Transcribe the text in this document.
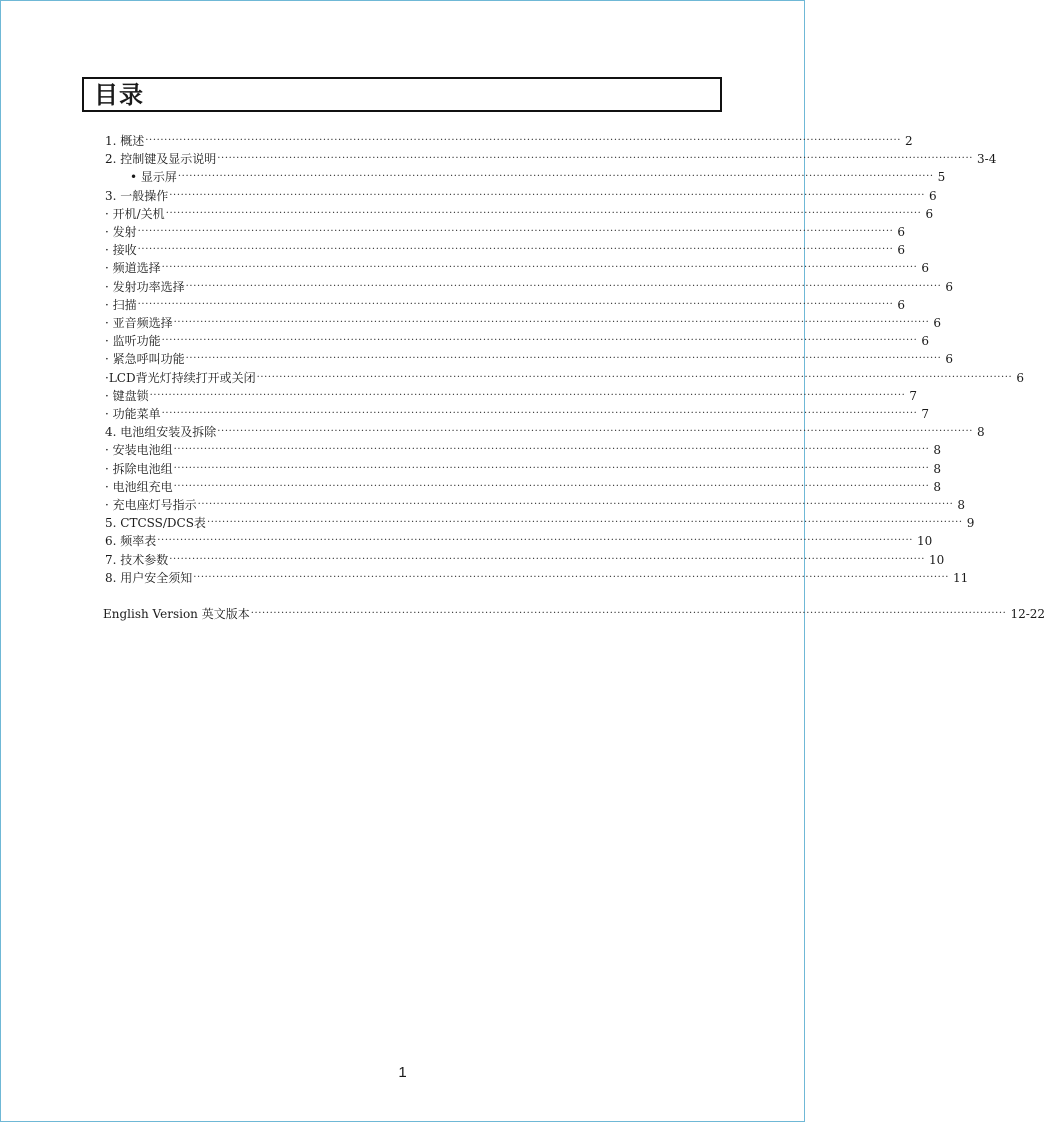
目录
1. 概述 ········································································································································································································ 2
2. 控制键及显示说明 ········································································································································································································ 3-4
• 显示屏 ········································································································································································································ 5
3. 一般操作 ········································································································································································································ 6
· 开机/关机 ········································································································································································································ 6
· 发射 ········································································································································································································ 6
· 接收 ········································································································································································································ 6
· 频道选择 ········································································································································································································ 6
· 发射功率选择 ········································································································································································································ 6
· 扫描 ········································································································································································································ 6
· 亚音频选择 ········································································································································································································ 6
· 监听功能 ········································································································································································································ 6
· 紧急呼叫功能 ········································································································································································································ 6
·LCD背光灯持续打开或关闭 ········································································································································································································ 6
· 键盘锁 ········································································································································································································ 7
· 功能菜单 ········································································································································································································ 7
4. 电池组安装及拆除 ········································································································································································································ 8
· 安装电池组 ········································································································································································································ 8
· 拆除电池组 ········································································································································································································ 8
· 电池组充电 ········································································································································································································ 8
· 充电座灯号指示 ········································································································································································································ 8
5. CTCSS/DCS表 ········································································································································································································ 9
6. 频率表 ········································································································································································································ 10
7. 技术参数 ········································································································································································································ 10
8. 用户安全须知 ········································································································································································································ 11
English Version 英文版本 ········································································································································································································ 12-22
1
